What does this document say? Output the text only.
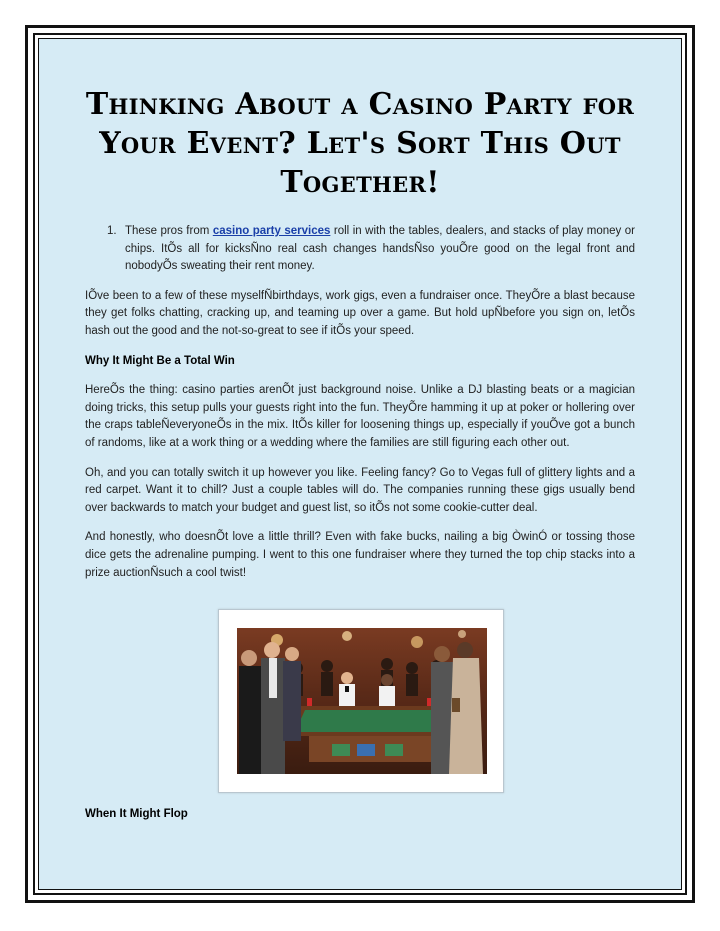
Thinking About a Casino Party for Your Event? Let's Sort This Out Together!
1. These pros from casino party services roll in with the tables, dealers, and stacks of play money or chips. ItÕs all for kicksÑno real cash changes handsÑso youÕre good on the legal front and nobodyÕs sweating their rent money.

IÕve been to a few of these myselfÑbirthdays, work gigs, even a fundraiser once. TheyÕre a blast because they get folks chatting, cracking up, and teaming up over a game. But hold upÑbefore you sign on, letÕs hash out the good and the not-so-great to see if itÕs your speed.

Why It Might Be a Total Win

HereÕs the thing: casino parties arenÕt just background noise. Unlike a DJ blasting beats or a magician doing tricks, this setup pulls your guests right into the fun. TheyÕre hamming it up at poker or hollering over the craps tableÑeveryoneÕs in the mix. ItÕs killer for loosening things up, especially if youÕve got a bunch of randoms, like at a work thing or a wedding where the families are still figuring each other out.

Oh, and you can totally switch it up however you like. Feeling fancy? Go to Vegas full of glittery lights and a red carpet. Want it to chill? Just a couple tables will do. The companies running these gigs usually bend over backwards to match your budget and guest list, so itÕs not some cookie-cutter deal.

And honestly, who doesnÕt love a little thrill? Even with fake bucks, nailing a big ÒwinÓ or tossing those dice gets the adrenaline pumping. I went to this one fundraiser where they turned the top chip stacks into a prize auctionÑsuch a cool twist!

When It Might Flop
